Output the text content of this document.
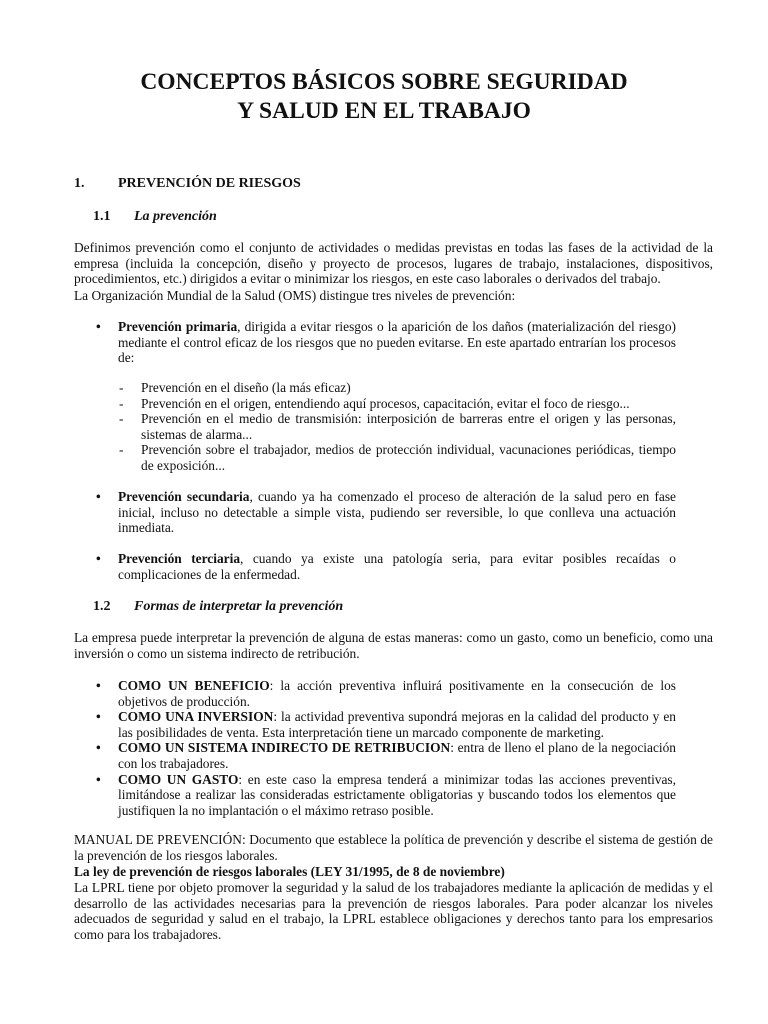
CONCEPTOS BÁSICOS SOBRE SEGURIDAD
Y SALUD EN EL TRABAJO
1. PREVENCIÓN DE RIESGOS
1.1 La prevención
Definimos prevención como el conjunto de actividades o medidas previstas en todas las fases de la actividad de la empresa (incluida la concepción, diseño y proyecto de procesos, lugares de trabajo, instalaciones, dispositivos, procedimientos, etc.) dirigidos a evitar o minimizar los riesgos, en este caso laborales o derivados del trabajo.
La Organización Mundial de la Salud (OMS) distingue tres niveles de prevención:
• Prevención primaria, dirigida a evitar riesgos o la aparición de los daños (materialización del riesgo) mediante el control eficaz de los riesgos que no pueden evitarse. En este apartado entrarían los procesos de:
- Prevención en el diseño (la más eficaz)
- Prevención en el origen, entendiendo aquí procesos, capacitación, evitar el foco de riesgo...
- Prevención en el medio de transmisión: interposición de barreras entre el origen y las personas, sistemas de alarma...
- Prevención sobre el trabajador, medios de protección individual, vacunaciones periódicas, tiempo de exposición...
• Prevención secundaria, cuando ya ha comenzado el proceso de alteración de la salud pero en fase inicial, incluso no detectable a simple vista, pudiendo ser reversible, lo que conlleva una actuación inmediata.
• Prevención terciaria, cuando ya existe una patología seria, para evitar posibles recaídas o complicaciones de la enfermedad.
1.2 Formas de interpretar la prevención
La empresa puede interpretar la prevención de alguna de estas maneras: como un gasto, como un beneficio, como una inversión o como un sistema indirecto de retribución.
• COMO UN BENEFICIO: la acción preventiva influirá positivamente en la consecución de los objetivos de producción.
• COMO UNA INVERSION: la actividad preventiva supondrá mejoras en la calidad del producto y en las posibilidades de venta. Esta interpretación tiene un marcado componente de marketing.
• COMO UN SISTEMA INDIRECTO DE RETRIBUCION: entra de lleno el plano de la negociación con los trabajadores.
• COMO UN GASTO: en este caso la empresa tenderá a minimizar todas las acciones preventivas, limitándose a realizar las consideradas estrictamente obligatorias y buscando todos los elementos que justifiquen la no implantación o el máximo retraso posible.
MANUAL DE PREVENCIÓN: Documento que establece la política de prevención y describe el sistema de gestión de la prevención de los riesgos laborales.
La ley de prevención de riesgos laborales (LEY 31/1995, de 8 de noviembre)
La LPRL tiene por objeto promover la seguridad y la salud de los trabajadores mediante la aplicación de medidas y el desarrollo de las actividades necesarias para la prevención de riesgos laborales. Para poder alcanzar los niveles adecuados de seguridad y salud en el trabajo, la LPRL establece obligaciones y derechos tanto para los empresarios como para los trabajadores.
